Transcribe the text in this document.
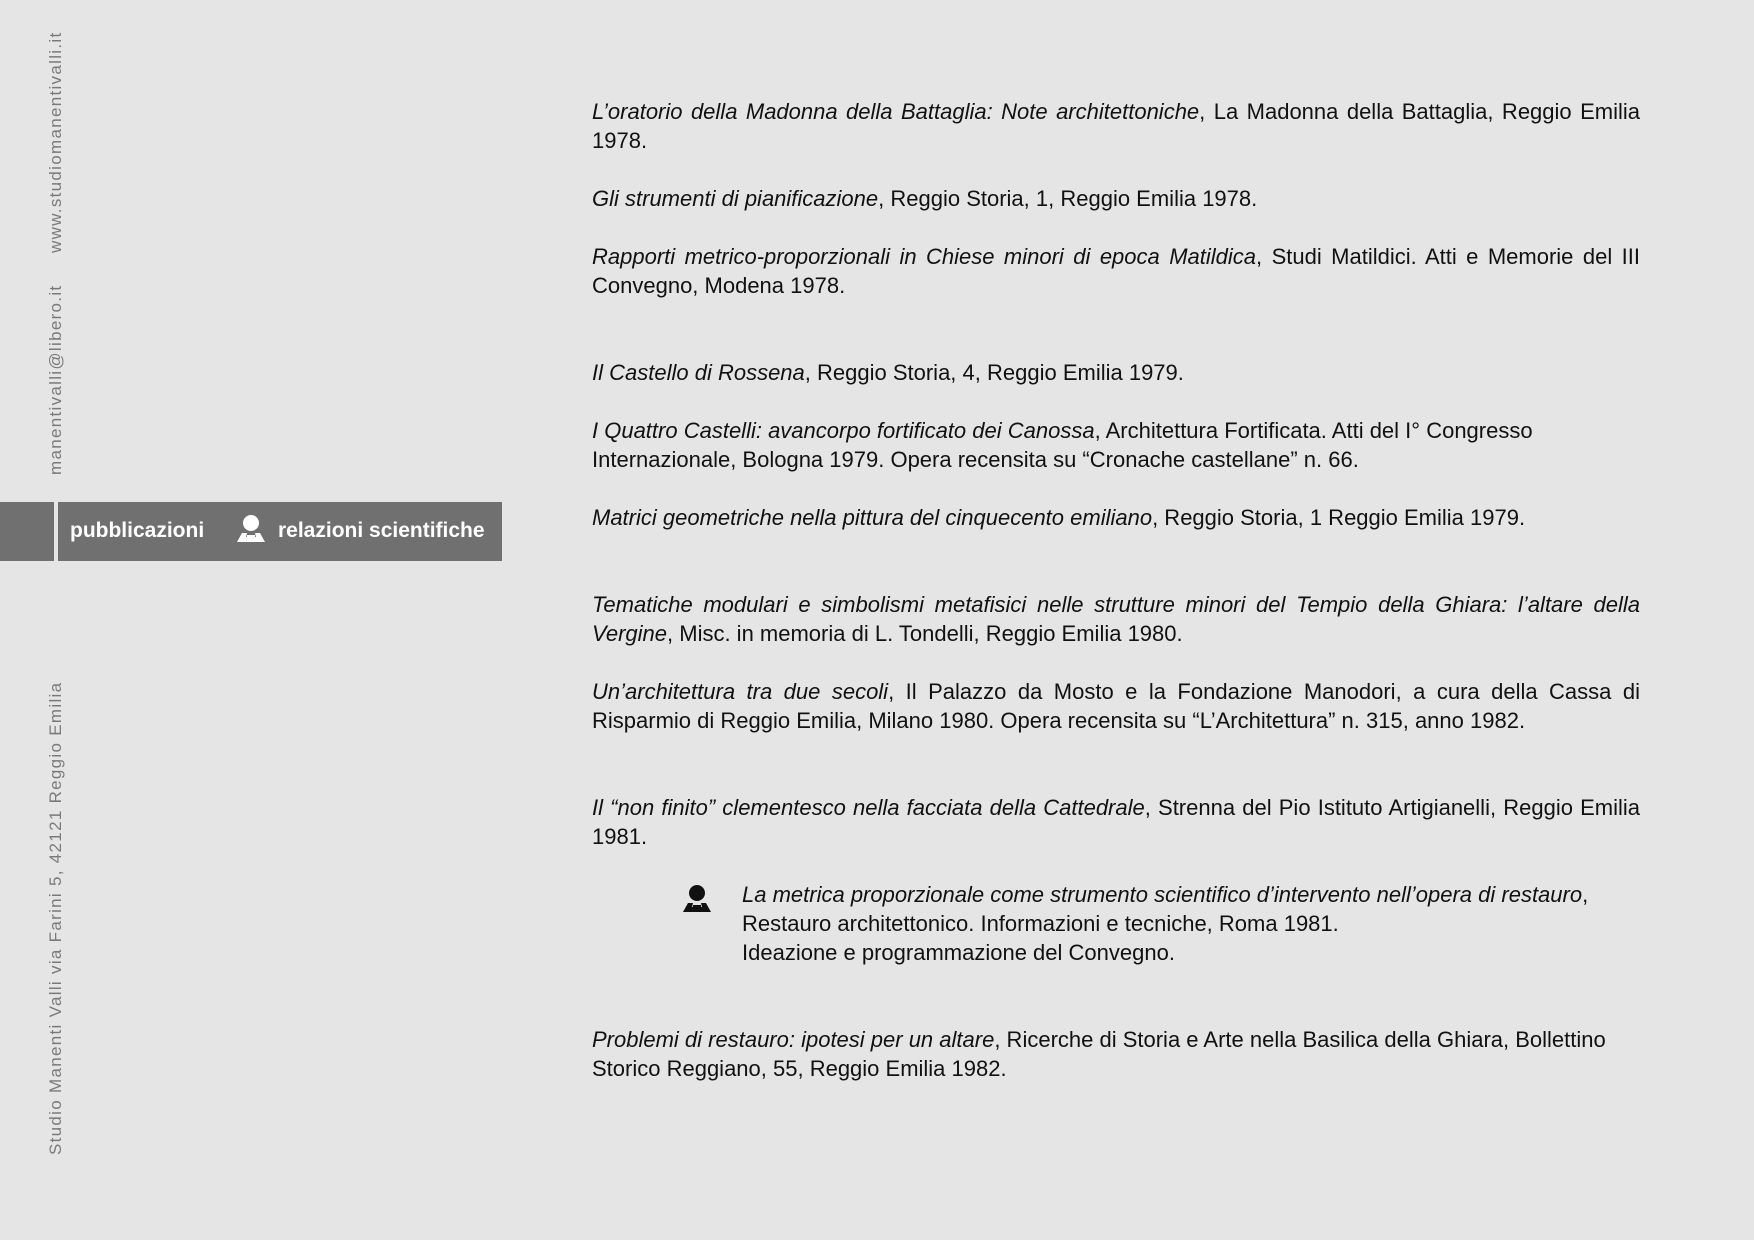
www.studiomanentivalli.it
manentivalli@libero.it
Studio Manenti Valli via Farini 5, 42121 Reggio Emilia
pubblicazioni	relazioni scientifiche

L’oratorio della Madonna della Battaglia: Note architettoniche, La Madonna della Battaglia, Reggio Emilia 1978.

Gli strumenti di pianificazione, Reggio Storia, 1, Reggio Emilia 1978.

Rapporti metrico-proporzionali in Chiese minori di epoca Matildica, Studi Matildici. Atti e Memorie del III Convegno, Modena 1978.

Il Castello di Rossena, Reggio Storia, 4, Reggio Emilia 1979.

I Quattro Castelli: avancorpo fortificato dei Canossa, Architettura Fortificata. Atti del I° Congresso Internazionale, Bologna 1979. Opera recensita su “Cronache castellane” n. 66.

Matrici geometriche nella pittura del cinquecento emiliano, Reggio Storia, 1 Reggio Emilia 1979.

Tematiche modulari e simbolismi metafisici nelle strutture minori del Tempio della Ghiara: l’altare della Vergine, Misc. in memoria di L. Tondelli, Reggio Emilia 1980.

Un’architettura tra due secoli, Il Palazzo da Mosto e la Fondazione Manodori, a cura della Cassa di Risparmio di Reggio Emilia, Milano 1980. Opera recensita su “L’Architettura” n. 315, anno 1982.

Il “non finito” clementesco nella facciata della Cattedrale, Strenna del Pio Istituto Artigianelli, Reggio Emilia 1981.

La metrica proporzionale come strumento scientifico d’intervento nell’opera di restauro,
Restauro architettonico. Informazioni e tecniche, Roma 1981.
Ideazione e programmazione del Convegno.

Problemi di restauro: ipotesi per un altare, Ricerche di Storia e Arte nella Basilica della Ghiara, Bollettino Storico Reggiano, 55, Reggio Emilia 1982.
